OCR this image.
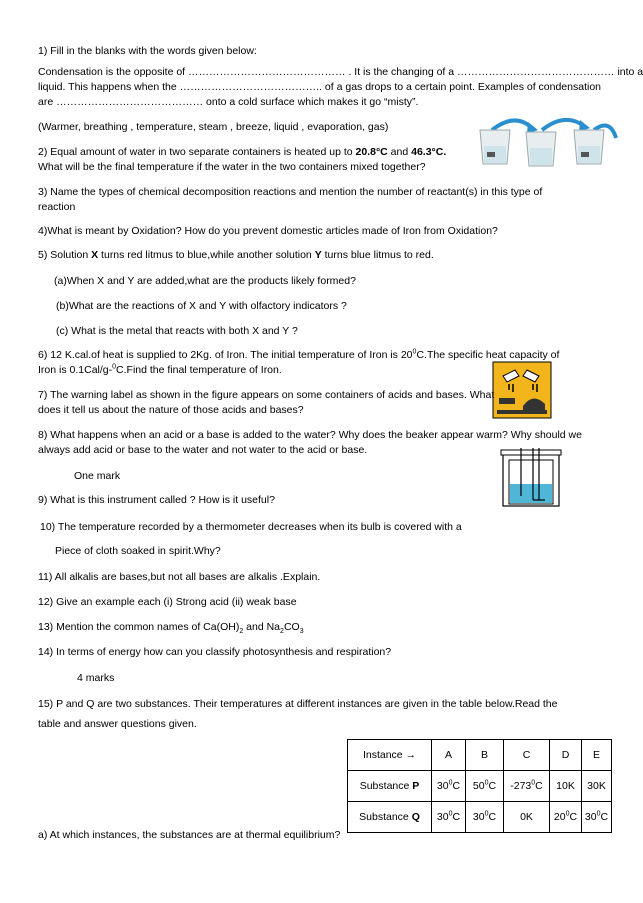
1) Fill in the blanks with the words given below:
Condensation is the opposite of ……………………………………… . It is the changing of a ……………………………………… into a
liquid. This happens when the ………………………………….. of a gas drops to a certain point. Examples of condensation
are …………………………………… onto a cold surface which makes it go “misty”.
(Warmer, breathing , temperature, steam , breeze, liquid , evaporation, gas)
2) Equal amount of water in two separate containers is heated up to 20.8°C and 46.3°C.
What will be the final temperature if the water in the two containers mixed together?
3) Name the types of chemical decomposition reactions and mention the number of reactant(s) in this type of
reaction
4)What is meant by Oxidation? How do you prevent domestic articles made of Iron from Oxidation?
5) Solution X turns red litmus to blue,while another solution Y turns blue litmus to red.
(a)When X and Y are added,what are the products likely formed?
(b)What are the reactions of X and Y with olfactory indicators ?
(c) What is the metal that reacts with both X and Y ?
6) 12 K.cal.of heat is supplied to 2Kg. of Iron. The initial temperature of Iron is $20^0C.The$ specific heat capacity of
Iron is 0.1Cal/g-$^0$C.Find the final temperature of Iron.
7) The warning label as shown in the figure appears on some containers of acids and bases. What
does it tell us about the nature of those acids and bases?
8) What happens when an acid or a base is added to the water? Why does the beaker appear warm? Why should we
always add acid or base to the water and not water to the acid or base.
One mark
9) What is this instrument called ? How is it useful?
10) The temperature recorded by a thermometer decreases when its bulb is covered with a
Piece of cloth soaked in spirit.Why?
11) All alkalis are bases,but not all bases are alkalis .Explain.
12) Give an example each (i) Strong acid (ii) weak base
13) Mention the common names of $Ca(OH)_2$ and $Na_2CO_3$
14) In terms of energy how can you classify photosynthesis and respiration?
4 marks
15) P and Q are two substances. Their temperatures at different instances are given in the table below.Read the
table and answer questions given.
Instance →	A	B	C	D	E
Substance P	$30^0C$	$50^0C$	$-273^0C$	10K	30K
Substance Q	$30^0C$	$30^0C$	0K	$20^0C$	$30^0C$
a) At which instances, the substances are at thermal equilibrium?
